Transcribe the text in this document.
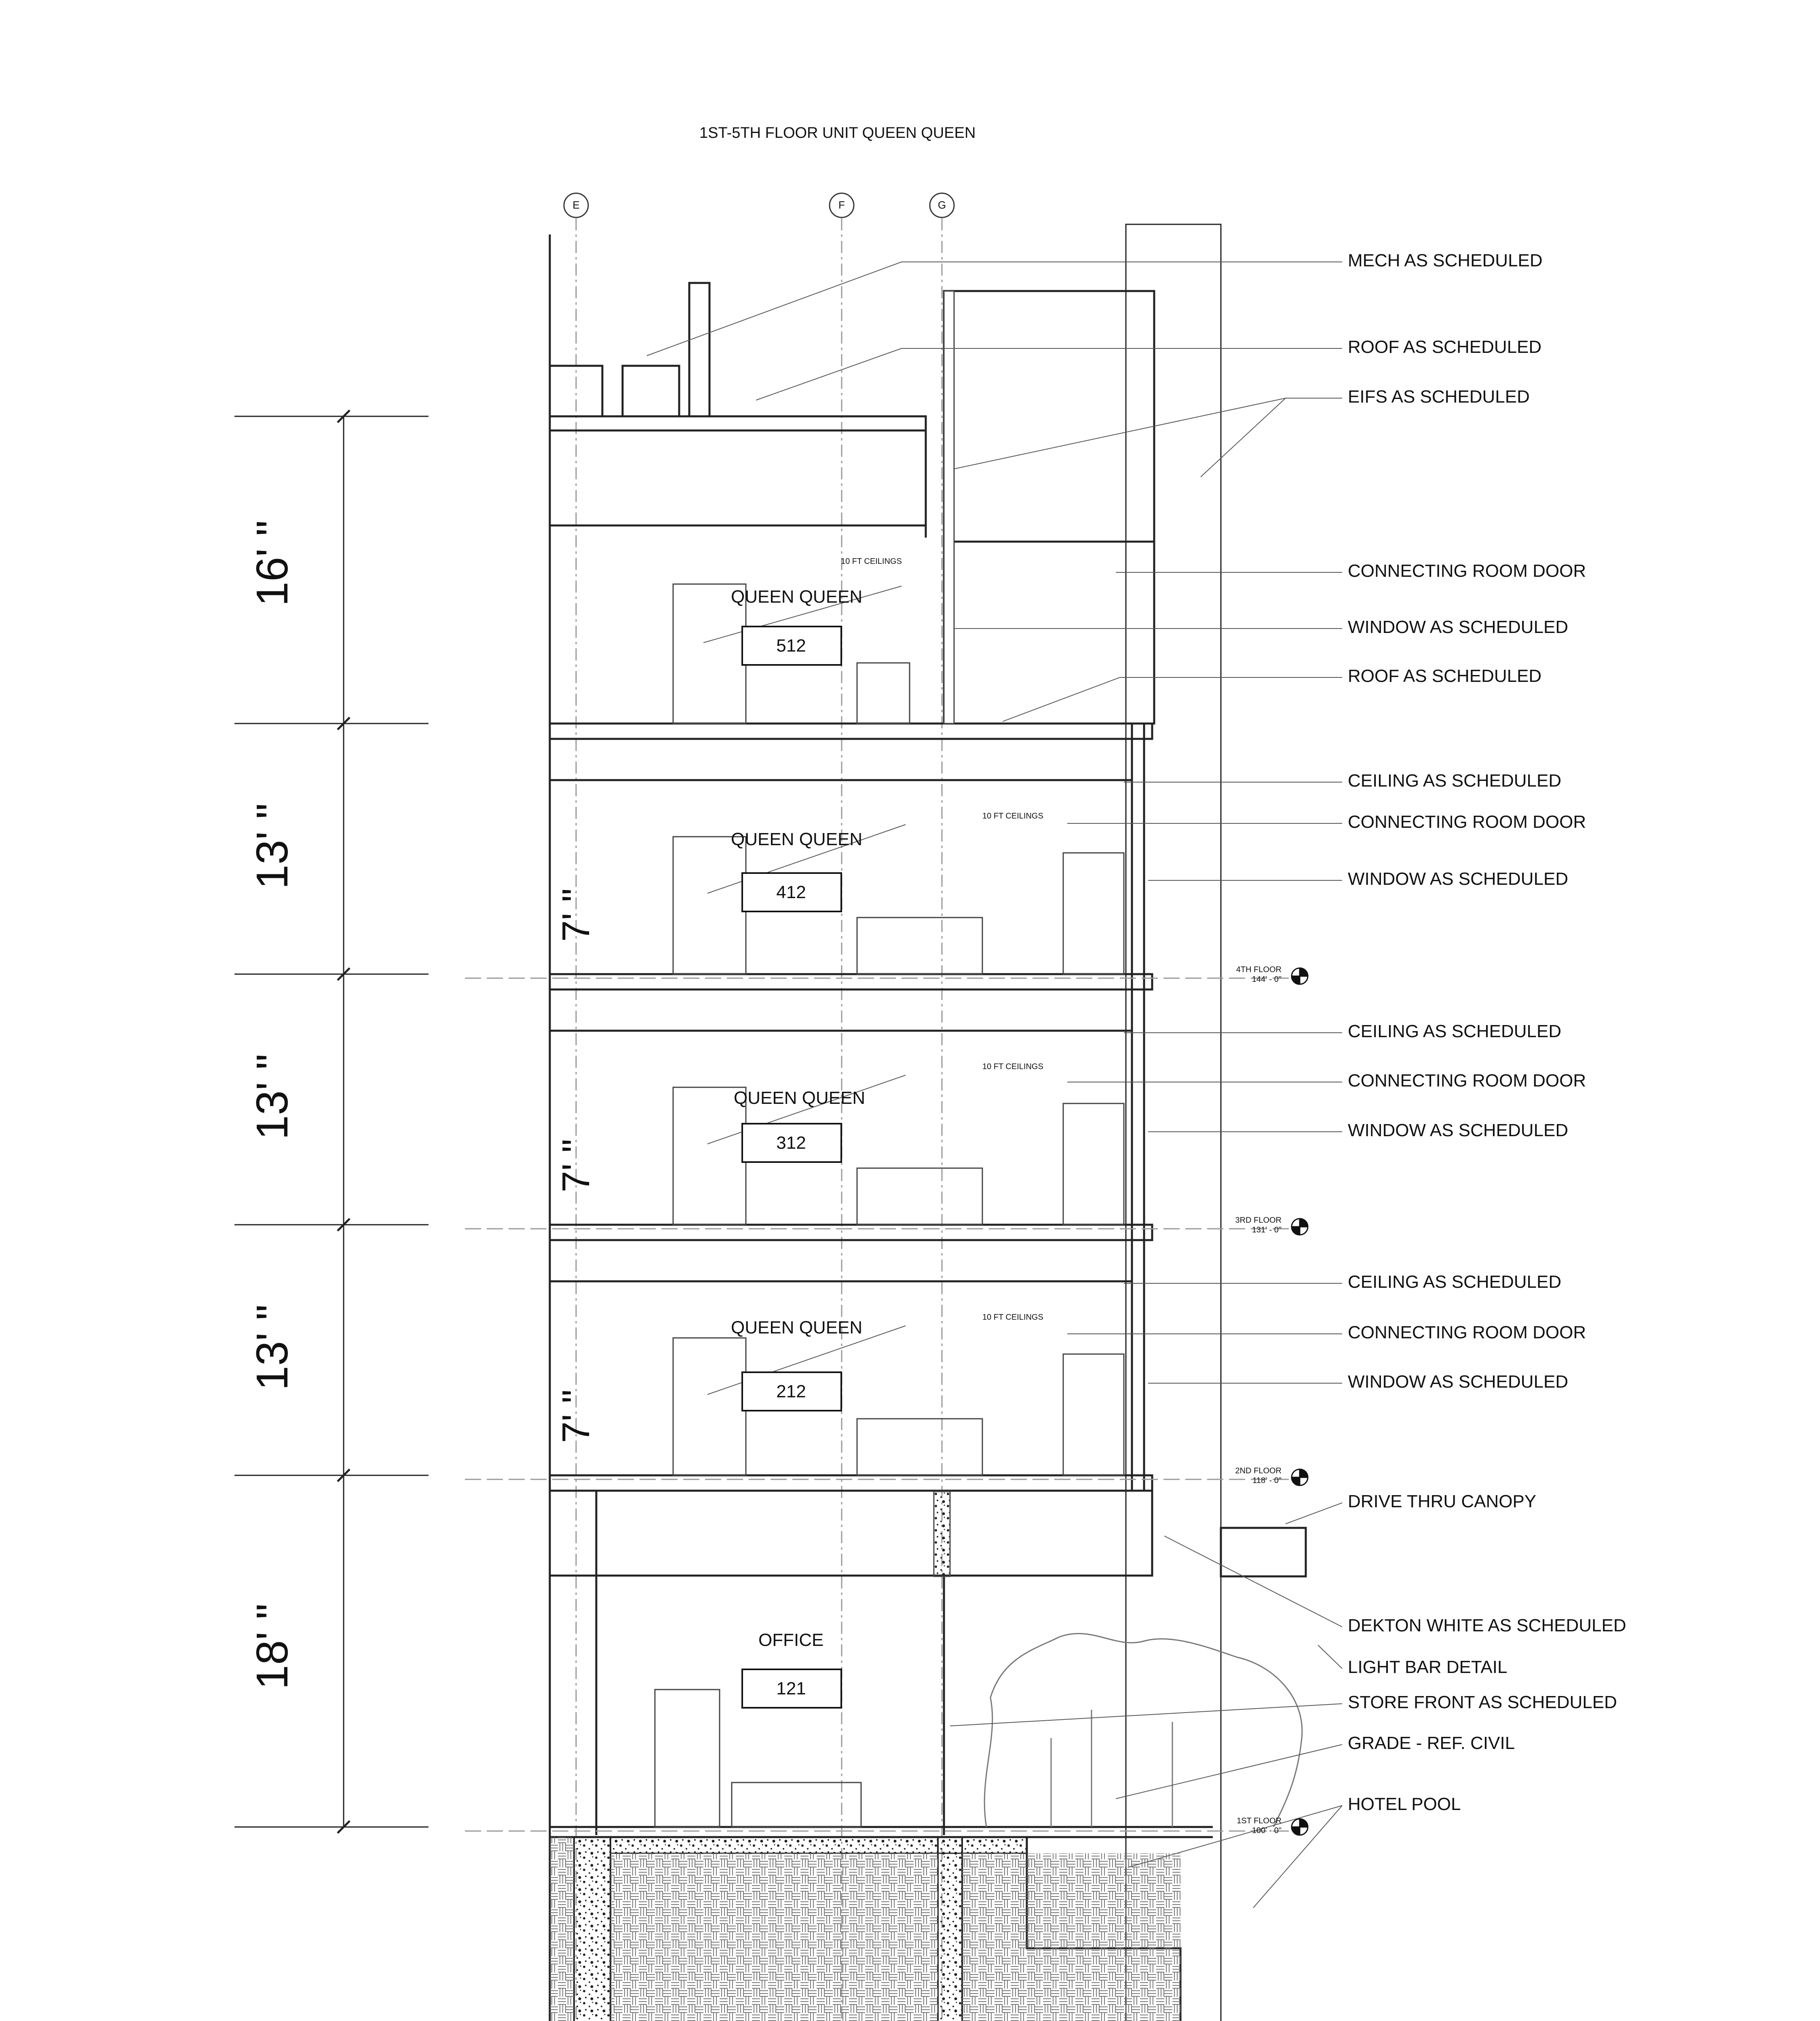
1ST-5TH FLOOR UNIT QUEEN QUEEN
E	F	G
MECH AS SCHEDULED
ROOF AS SCHEDULED
EIFS AS SCHEDULED
CONNECTING ROOM DOOR
WINDOW AS SCHEDULED
ROOF AS SCHEDULED
CEILING AS SCHEDULED
CONNECTING ROOM DOOR
WINDOW AS SCHEDULED
CEILING AS SCHEDULED
CONNECTING ROOM DOOR
WINDOW AS SCHEDULED
CEILING AS SCHEDULED
CONNECTING ROOM DOOR
WINDOW AS SCHEDULED
DRIVE THRU CANOPY
DEKTON WHITE AS SCHEDULED
LIGHT BAR DETAIL
STORE FRONT AS SCHEDULED
GRADE - REF. CIVIL
HOTEL POOL
QUEEN QUEEN
512
QUEEN QUEEN
412
QUEEN QUEEN
312
QUEEN QUEEN
212
OFFICE
121
10 FT CEILINGS
10 FT CEILINGS
10 FT CEILINGS
10 FT CEILINGS
4TH FLOOR
144' - 0"
3RD FLOOR
131' - 0"
2ND FLOOR
118' - 0"
1ST FLOOR
100' - 0"
16' "
13' "
13' "
13' "
18' "
7' "
7' "
7' "
